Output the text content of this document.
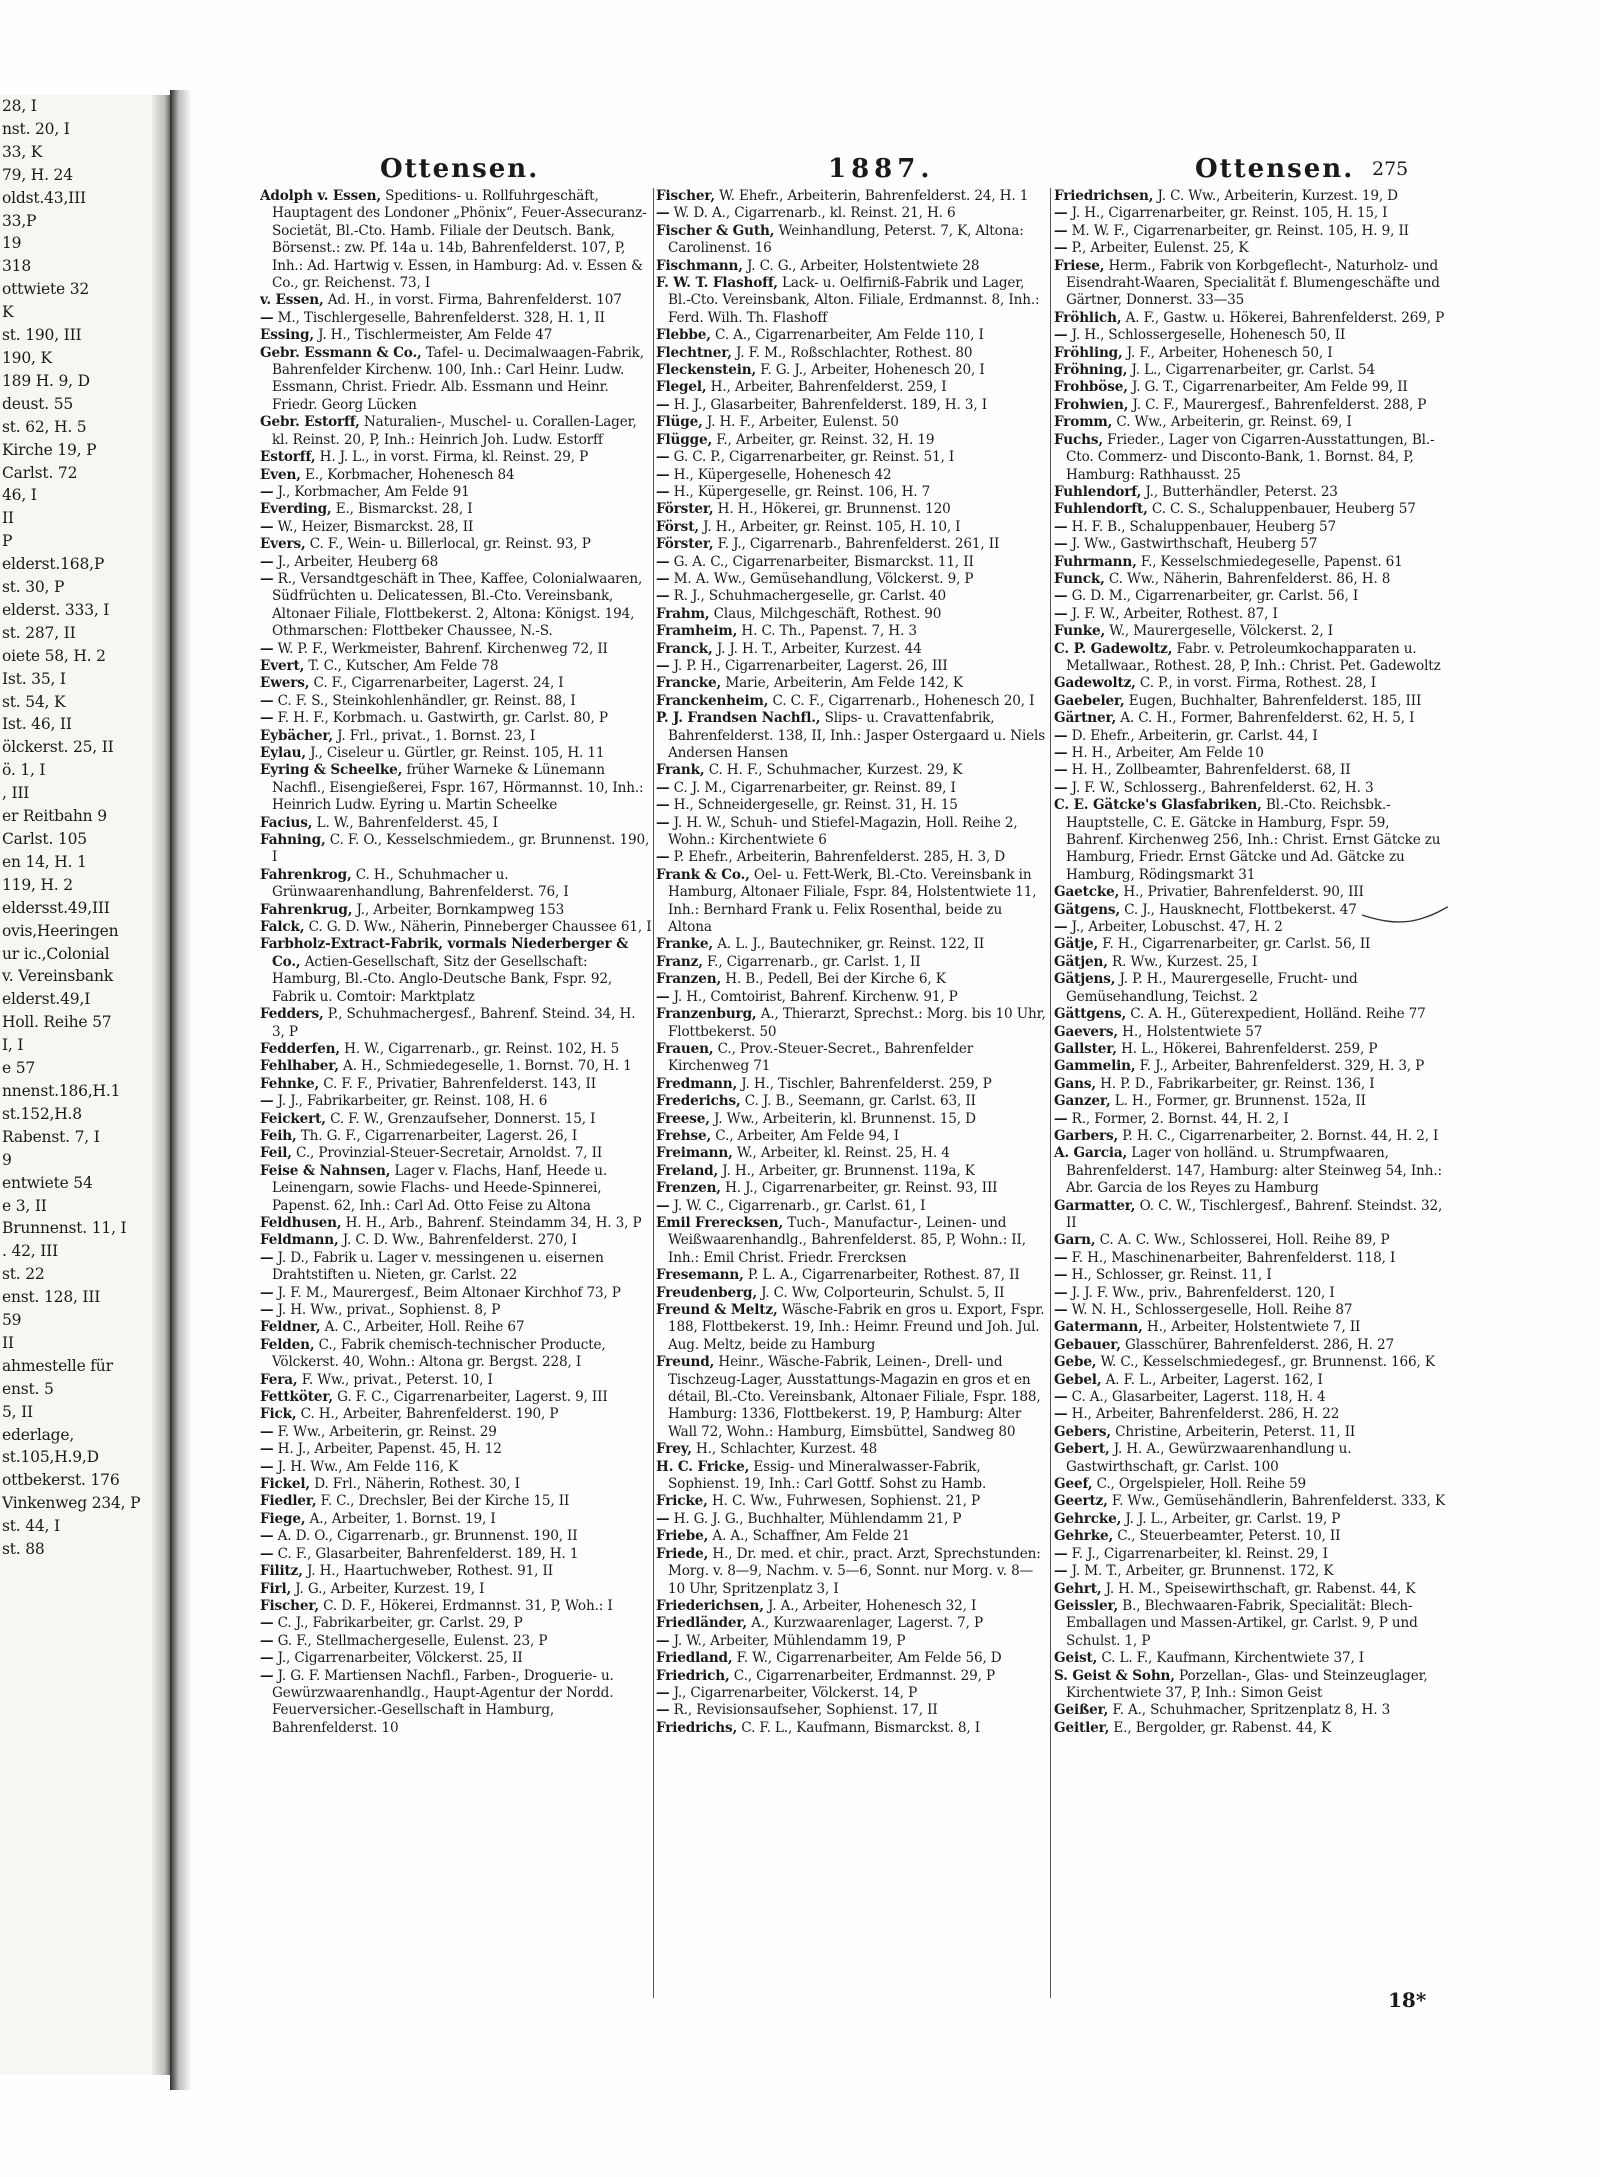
28, I
nst. 20, I
33, K
79, H. 24
oldst.43,III
33,P
19
318
ottwiete 32
K
st. 190, III
190, K
189 H. 9, D
deust. 55
st. 62, H. 5
Kirche 19, P
Carlst. 72
46, I
II
P
elderst.168,P
st. 30, P
elderst. 333, I
st. 287, II
oiete 58, H. 2
Ist. 35, I
st. 54, K
Ist. 46, II
ölckerst. 25, II
ö. 1, I
, III
er Reitbahn 9
Carlst. 105
en 14, H. 1
119, H. 2
eldersst.49,III
ovis,Heeringen
ur ic.,Colonial
v. Vereinsbank
elderst.49,I
Holl. Reihe 57
I, I
e 57
nnenst.186,H.1
st.152,H.8
Rabenst. 7, I
9
entwiete 54
e 3, II
Brunnenst. 11, I
. 42, III
st. 22
enst. 128, III
59
II
ahmestelle für
enst. 5
5, II
ederlage,
st.105,H.9,D
ottbekerst. 176
Vinkenweg 234, P
st. 44, I
st. 88
Ottensen.	1887.	Ottensen. 275
Adolph v. Essen, Speditions- u. Rollfuhrgeschäft, Hauptagent des Londoner „Phönix“, Feuer-Assecuranz-Societät, Bl.-Cto. Hamb. Filiale der Deutsch. Bank, Börsenst.: zw. Pf. 14a u. 14b, Bahrenfelderst. 107, P, Inh.: Ad. Hartwig v. Essen, in Hamburg: Ad. v. Essen & Co., gr. Reichenst. 73, I
v. Essen, Ad. H., in vorst. Firma, Bahrenfelderst. 107
— M., Tischlergeselle, Bahrenfelderst. 328, H. 1, II
Essing, J. H., Tischlermeister, Am Felde 47
Gebr. Essmann & Co., Tafel- u. Decimalwaagen-Fabrik, Bahrenfelder Kirchenw. 100, Inh.: Carl Heinr. Ludw. Essmann, Christ. Friedr. Alb. Essmann und Heinr. Friedr. Georg Lücken
Gebr. Estorff, Naturalien-, Muschel- u. Corallen-Lager, kl. Reinst. 20, P, Inh.: Heinrich Joh. Ludw. Estorff
Estorff, H. J. L., in vorst. Firma, kl. Reinst. 29, P
Even, E., Korbmacher, Hohenesch 84
— J., Korbmacher, Am Felde 91
Everding, E., Bismarckst. 28, I
— W., Heizer, Bismarckst. 28, II
Evers, C. F., Wein- u. Billerlocal, gr. Reinst. 93, P
— J., Arbeiter, Heuberg 68
— R., Versandtgeschäft in Thee, Kaffee, Colonialwaaren, Südfrüchten u. Delicatessen, Bl.-Cto. Vereinsbank, Altonaer Filiale, Flottbekerst. 2, Altona: Königst. 194, Othmarschen: Flottbeker Chaussee, N.-S.
— W. P. F., Werkmeister, Bahrenf. Kirchenweg 72, II
Evert, T. C., Kutscher, Am Felde 78
Ewers, C. F., Cigarrenarbeiter, Lagerst. 24, I
— C. F. S., Steinkohlenhändler, gr. Reinst. 88, I
— F. H. F., Korbmach. u. Gastwirth, gr. Carlst. 80, P
Eybächer, J. Frl., privat., 1. Bornst. 23, I
Eylau, J., Ciseleur u. Gürtler, gr. Reinst. 105, H. 11
Eyring & Scheelke, früher Warneke & Lünemann Nachfl., Eisengießerei, Fspr. 167, Hörmannst. 10, Inh.: Heinrich Ludw. Eyring u. Martin Scheelke
Facius, L. W., Bahrenfelderst. 45, I
Fahning, C. F. O., Kesselschmiedem., gr. Brunnenst. 190, I
Fahrenkrog, C. H., Schuhmacher u. Grünwaarenhandlung, Bahrenfelderst. 76, I
Fahrenkrug, J., Arbeiter, Bornkampweg 153
Falck, C. G. D. Ww., Näherin, Pinneberger Chaussee 61, I
Farbholz-Extract-Fabrik, vormals Niederberger & Co., Actien-Gesellschaft, Sitz der Gesellschaft: Hamburg, Bl.-Cto. Anglo-Deutsche Bank, Fspr. 92, Fabrik u. Comtoir: Marktplatz
Fedders, P., Schuhmachergesf., Bahrenf. Steind. 34, H. 3, P
Fedderfen, H. W., Cigarrenarb., gr. Reinst. 102, H. 5
Fehlhaber, A. H., Schmiedegeselle, 1. Bornst. 70, H. 1
Fehnke, C. F. F., Privatier, Bahrenfelderst. 143, II
— J. J., Fabrikarbeiter, gr. Reinst. 108, H. 6
Feickert, C. F. W., Grenzaufseher, Donnerst. 15, I
Feih, Th. G. F., Cigarrenarbeiter, Lagerst. 26, I
Feil, C., Provinzial-Steuer-Secretair, Arnoldst. 7, II
Feise & Nahnsen, Lager v. Flachs, Hanf, Heede u. Leinengarn, sowie Flachs- und Heede-Spinnerei, Papenst. 62, Inh.: Carl Ad. Otto Feise zu Altona
Feldhusen, H. H., Arb., Bahrenf. Steindamm 34, H. 3, P
Feldmann, J. C. D. Ww., Bahrenfelderst. 270, I
— J. D., Fabrik u. Lager v. messingenen u. eisernen Drahtstiften u. Nieten, gr. Carlst. 22
— J. F. M., Maurergesf., Beim Altonaer Kirchhof 73, P
— J. H. Ww., privat., Sophienst. 8, P
Feldner, A. C., Arbeiter, Holl. Reihe 67
Felden, C., Fabrik chemisch-technischer Producte, Völckerst. 40, Wohn.: Altona gr. Bergst. 228, I
Fera, F. Ww., privat., Peterst. 10, I
Fettköter, G. F. C., Cigarrenarbeiter, Lagerst. 9, III
Fick, C. H., Arbeiter, Bahrenfelderst. 190, P
— F. Ww., Arbeiterin, gr. Reinst. 29
— H. J., Arbeiter, Papenst. 45, H. 12
— J. H. Ww., Am Felde 116, K
Fickel, D. Frl., Näherin, Rothest. 30, I
Fiedler, F. C., Drechsler, Bei der Kirche 15, II
Fiege, A., Arbeiter, 1. Bornst. 19, I
— A. D. O., Cigarrenarb., gr. Brunnenst. 190, II
— C. F., Glasarbeiter, Bahrenfelderst. 189, H. 1
Filitz, J. H., Haartuchweber, Rothest. 91, II
Firl, J. G., Arbeiter, Kurzest. 19, I
Fischer, C. D. F., Hökerei, Erdmannst. 31, P, Woh.: I
— C. J., Fabrikarbeiter, gr. Carlst. 29, P
— G. F., Stellmachergeselle, Eulenst. 23, P
— J., Cigarrenarbeiter, Völckerst. 25, II
— J. G. F. Martiensen Nachfl., Farben-, Droguerie- u. Gewürzwaarenhandlg., Haupt-Agentur der Nordd. Feuerversicher.-Gesellschaft in Hamburg, Bahrenfelderst. 10
Fischer, W. Ehefr., Arbeiterin, Bahrenfelderst. 24, H. 1
— W. D. A., Cigarrenarb., kl. Reinst. 21, H. 6
Fischer & Guth, Weinhandlung, Peterst. 7, K, Altona: Carolinenst. 16
Fischmann, J. C. G., Arbeiter, Holstentwiete 28
F. W. T. Flashoff, Lack- u. Oelfirniß-Fabrik und Lager, Bl.-Cto. Vereinsbank, Alton. Filiale, Erdmannst. 8, Inh.: Ferd. Wilh. Th. Flashoff
Flebbe, C. A., Cigarrenarbeiter, Am Felde 110, I
Flechtner, J. F. M., Roßschlachter, Rothest. 80
Fleckenstein, F. G. J., Arbeiter, Hohenesch 20, I
Flegel, H., Arbeiter, Bahrenfelderst. 259, I
— H. J., Glasarbeiter, Bahrenfelderst. 189, H. 3, I
Flüge, J. H. F., Arbeiter, Eulenst. 50
Flügge, F., Arbeiter, gr. Reinst. 32, H. 19
— G. C. P., Cigarrenarbeiter, gr. Reinst. 51, I
— H., Küpergeselle, Hohenesch 42
— H., Küpergeselle, gr. Reinst. 106, H. 7
Förster, H. H., Hökerei, gr. Brunnenst. 120
Först, J. H., Arbeiter, gr. Reinst. 105, H. 10, I
Förster, F. J., Cigarrenarb., Bahrenfelderst. 261, II
— G. A. C., Cigarrenarbeiter, Bismarckst. 11, II
— M. A. Ww., Gemüsehandlung, Völckerst. 9, P
— R. J., Schuhmachergeselle, gr. Carlst. 40
Frahm, Claus, Milchgeschäft, Rothest. 90
Framheim, H. C. Th., Papenst. 7, H. 3
Franck, J. J. H. T., Arbeiter, Kurzest. 44
— J. P. H., Cigarrenarbeiter, Lagerst. 26, III
Francke, Marie, Arbeiterin, Am Felde 142, K
Franckenheim, C. C. F., Cigarrenarb., Hohenesch 20, I
P. J. Frandsen Nachfl., Slips- u. Cravattenfabrik, Bahrenfelderst. 138, II, Inh.: Jasper Ostergaard u. Niels Andersen Hansen
Frank, C. H. F., Schuhmacher, Kurzest. 29, K
— C. J. M., Cigarrenarbeiter, gr. Reinst. 89, I
— H., Schneidergeselle, gr. Reinst. 31, H. 15
— J. H. W., Schuh- und Stiefel-Magazin, Holl. Reihe 2, Wohn.: Kirchentwiete 6
— P. Ehefr., Arbeiterin, Bahrenfelderst. 285, H. 3, D
Frank & Co., Oel- u. Fett-Werk, Bl.-Cto. Vereinsbank in Hamburg, Altonaer Filiale, Fspr. 84, Holstentwiete 11, Inh.: Bernhard Frank u. Felix Rosenthal, beide zu Altona
Franke, A. L. J., Bautechniker, gr. Reinst. 122, II
Franz, F., Cigarrenarb., gr. Carlst. 1, II
Franzen, H. B., Pedell, Bei der Kirche 6, K
— J. H., Comtoirist, Bahrenf. Kirchenw. 91, P
Franzenburg, A., Thierarzt, Sprechst.: Morg. bis 10 Uhr, Flottbekerst. 50
Frauen, C., Prov.-Steuer-Secret., Bahrenfelder Kirchenweg 71
Fredmann, J. H., Tischler, Bahrenfelderst. 259, P
Frederichs, C. J. B., Seemann, gr. Carlst. 63, II
Freese, J. Ww., Arbeiterin, kl. Brunnenst. 15, D
Frehse, C., Arbeiter, Am Felde 94, I
Freimann, W., Arbeiter, kl. Reinst. 25, H. 4
Freland, J. H., Arbeiter, gr. Brunnenst. 119a, K
Frenzen, H. J., Cigarrenarbeiter, gr. Reinst. 93, III
— J. W. C., Cigarrenarb., gr. Carlst. 61, I
Emil Frerecksen, Tuch-, Manufactur-, Leinen- und Weißwaarenhandlg., Bahrenfelderst. 85, P, Wohn.: II, Inh.: Emil Christ. Friedr. Frercksen
Fresemann, P. L. A., Cigarrenarbeiter, Rothest. 87, II
Freudenberg, J. C. Ww, Colporteurin, Schulst. 5, II
Freund & Meltz, Wäsche-Fabrik en gros u. Export, Fspr. 188, Flottbekerst. 19, Inh.: Heimr. Freund und Joh. Jul. Aug. Meltz, beide zu Hamburg
Freund, Heinr., Wäsche-Fabrik, Leinen-, Drell- und Tischzeug-Lager, Ausstattungs-Magazin en gros et en détail, Bl.-Cto. Vereinsbank, Altonaer Filiale, Fspr. 188, Hamburg: 1336, Flottbekerst. 19, P, Hamburg: Alter Wall 72, Wohn.: Hamburg, Eimsbüttel, Sandweg 80
Frey, H., Schlachter, Kurzest. 48
H. C. Fricke, Essig- und Mineralwasser-Fabrik, Sophienst. 19, Inh.: Carl Gottf. Sohst zu Hamb.
Fricke, H. C. Ww., Fuhrwesen, Sophienst. 21, P
— H. G. J. G., Buchhalter, Mühlendamm 21, P
Friebe, A. A., Schaffner, Am Felde 21
Friede, H., Dr. med. et chir., pract. Arzt, Sprechstunden: Morg. v. 8—9, Nachm. v. 5—6, Sonnt. nur Morg. v. 8—10 Uhr, Spritzenplatz 3, I
Friederichsen, J. A., Arbeiter, Hohenesch 32, I
Friedländer, A., Kurzwaarenlager, Lagerst. 7, P
— J. W., Arbeiter, Mühlendamm 19, P
Friedland, F. W., Cigarrenarbeiter, Am Felde 56, D
Friedrich, C., Cigarrenarbeiter, Erdmannst. 29, P
— J., Cigarrenarbeiter, Völckerst. 14, P
— R., Revisionsaufseher, Sophienst. 17, II
Friedrichs, C. F. L., Kaufmann, Bismarckst. 8, I
Friedrichsen, J. C. Ww., Arbeiterin, Kurzest. 19, D
— J. H., Cigarrenarbeiter, gr. Reinst. 105, H. 15, I
— M. W. F., Cigarrenarbeiter, gr. Reinst. 105, H. 9, II
— P., Arbeiter, Eulenst. 25, K
Friese, Herm., Fabrik von Korbgeflecht-, Naturholz- und Eisendraht-Waaren, Specialität f. Blumengeschäfte und Gärtner, Donnerst. 33—35
Fröhlich, A. F., Gastw. u. Hökerei, Bahrenfelderst. 269, P
— J. H., Schlossergeselle, Hohenesch 50, II
Fröhling, J. F., Arbeiter, Hohenesch 50, I
Fröhning, J. L., Cigarrenarbeiter, gr. Carlst. 54
Frohböse, J. G. T., Cigarrenarbeiter, Am Felde 99, II
Frohwien, J. C. F., Maurergesf., Bahrenfelderst. 288, P
Fromm, C. Ww., Arbeiterin, gr. Reinst. 69, I
Fuchs, Frieder., Lager von Cigarren-Ausstattungen, Bl.-Cto. Commerz- und Disconto-Bank, 1. Bornst. 84, P, Hamburg: Rathhausst. 25
Fuhlendorf, J., Butterhändler, Peterst. 23
Fuhlendorft, C. C. S., Schaluppenbauer, Heuberg 57
— H. F. B., Schaluppenbauer, Heuberg 57
— J. Ww., Gastwirthschaft, Heuberg 57
Fuhrmann, F., Kesselschmiedegeselle, Papenst. 61
Funck, C. Ww., Näherin, Bahrenfelderst. 86, H. 8
— G. D. M., Cigarrenarbeiter, gr. Carlst. 56, I
— J. F. W., Arbeiter, Rothest. 87, I
Funke, W., Maurergeselle, Völckerst. 2, I
C. P. Gadewoltz, Fabr. v. Petroleumkochapparaten u. Metallwaar., Rothest. 28, P, Inh.: Christ. Pet. Gadewoltz
Gadewoltz, C. P., in vorst. Firma, Rothest. 28, I
Gaebeler, Eugen, Buchhalter, Bahrenfelderst. 185, III
Gärtner, A. C. H., Former, Bahrenfelderst. 62, H. 5, I
— D. Ehefr., Arbeiterin, gr. Carlst. 44, I
— H. H., Arbeiter, Am Felde 10
— H. H., Zollbeamter, Bahrenfelderst. 68, II
— J. F. W., Schlosserg., Bahrenfelderst. 62, H. 3
C. E. Gätcke's Glasfabriken, Bl.-Cto. Reichsbk.-Hauptstelle, C. E. Gätcke in Hamburg, Fspr. 59, Bahrenf. Kirchenweg 256, Inh.: Christ. Ernst Gätcke zu Hamburg, Friedr. Ernst Gätcke und Ad. Gätcke zu Hamburg, Rödingsmarkt 31
Gaetcke, H., Privatier, Bahrenfelderst. 90, III
Gätgens, C. J., Hausknecht, Flottbekerst. 47
— J., Arbeiter, Lobuschst. 47, H. 2
Gätje, F. H., Cigarrenarbeiter, gr. Carlst. 56, II
Gätjen, R. Ww., Kurzest. 25, I
Gätjens, J. P. H., Maurergeselle, Frucht- und Gemüsehandlung, Teichst. 2
Gättgens, C. A. H., Güterexpedient, Holländ. Reihe 77
Gaevers, H., Holstentwiete 57
Gallster, H. L., Hökerei, Bahrenfelderst. 259, P
Gammelin, F. J., Arbeiter, Bahrenfelderst. 329, H. 3, P
Gans, H. P. D., Fabrikarbeiter, gr. Reinst. 136, I
Ganzer, L. H., Former, gr. Brunnenst. 152a, II
— R., Former, 2. Bornst. 44, H. 2, I
Garbers, P. H. C., Cigarrenarbeiter, 2. Bornst. 44, H. 2, I
A. Garcia, Lager von holländ. u. Strumpfwaaren, Bahrenfelderst. 147, Hamburg: alter Steinweg 54, Inh.: Abr. Garcia de los Reyes zu Hamburg
Garmatter, O. C. W., Tischlergesf., Bahrenf. Steindst. 32, II
Garn, C. A. C. Ww., Schlosserei, Holl. Reihe 89, P
— F. H., Maschinenarbeiter, Bahrenfelderst. 118, I
— H., Schlosser, gr. Reinst. 11, I
— J. J. F. Ww., priv., Bahrenfelderst. 120, I
— W. N. H., Schlossergeselle, Holl. Reihe 87
Gatermann, H., Arbeiter, Holstentwiete 7, II
Gebauer, Glasschürer, Bahrenfelderst. 286, H. 27
Gebe, W. C., Kesselschmiedegesf., gr. Brunnenst. 166, K
Gebel, A. F. L., Arbeiter, Lagerst. 162, I
— C. A., Glasarbeiter, Lagerst. 118, H. 4
— H., Arbeiter, Bahrenfelderst. 286, H. 22
Gebers, Christine, Arbeiterin, Peterst. 11, II
Gebert, J. H. A., Gewürzwaarenhandlung u. Gastwirthschaft, gr. Carlst. 100
Geef, C., Orgelspieler, Holl. Reihe 59
Geertz, F. Ww., Gemüsehändlerin, Bahrenfelderst. 333, K
Gehrcke, J. J. L., Arbeiter, gr. Carlst. 19, P
Gehrke, C., Steuerbeamter, Peterst. 10, II
— F. J., Cigarrenarbeiter, kl. Reinst. 29, I
— J. M. T., Arbeiter, gr. Brunnenst. 172, K
Gehrt, J. H. M., Speisewirthschaft, gr. Rabenst. 44, K
Geissler, B., Blechwaaren-Fabrik, Specialität: Blech-Emballagen und Massen-Artikel, gr. Carlst. 9, P und Schulst. 1, P
Geist, C. L. F., Kaufmann, Kirchentwiete 37, I
S. Geist & Sohn, Porzellan-, Glas- und Steinzeuglager, Kirchentwiete 37, P, Inh.: Simon Geist
Geißer, F. A., Schuhmacher, Spritzenplatz 8, H. 3
Geitler, E., Bergolder, gr. Rabenst. 44, K
18*
